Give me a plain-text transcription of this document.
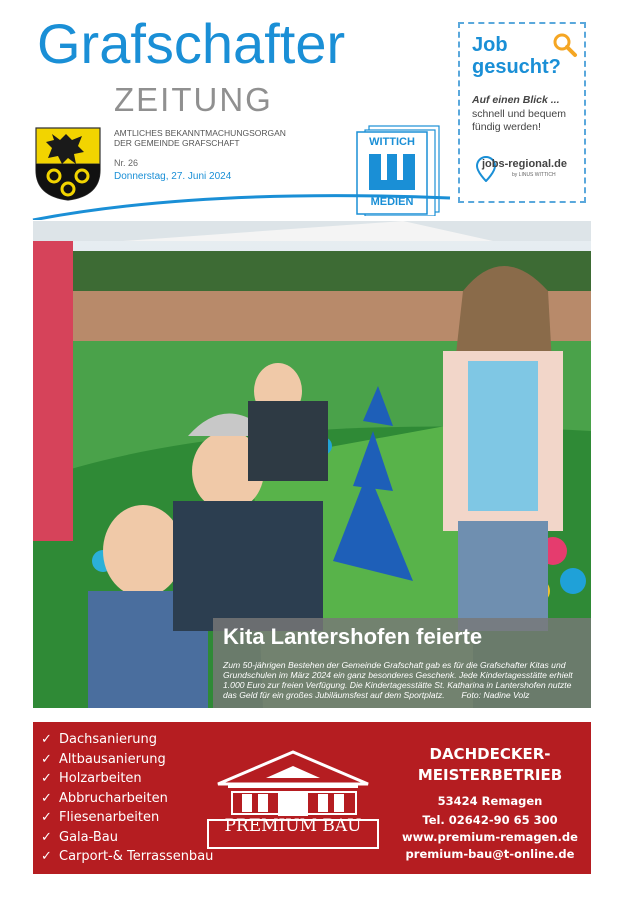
Grafschafter
ZEITUNG
AMTLICHES BEKANNTMACHUNGSORGAN
DER GEMEINDE GRAFSCHAFT
Nr. 26
Donnerstag, 27. Juni 2024
WITTICH
MEDIEN
Job gesucht?
Auf einen Blick ...
schnell und bequem fündig werden!
jobs-regional.de
by LINUS WITTICH
Kita Lantershofen feierte
Zum 50-jährigen Bestehen der Gemeinde Grafschaft gab es für die Grafschafter Kitas und Grundschulen im März 2024 ein ganz besonderes Geschenk. Jede Kindertagesstätte erhielt 1.000 Euro zur freien Verfügung. Die Kindertagesstätte St. Katharina in Lantershofen nutzte das Geld für ein großes Jubiläumsfest auf dem Sportplatz. Foto: Nadine Volz
✓ Dachsanierung
✓ Altbausanierung
✓ Holzarbeiten
✓ Abbrucharbeiten
✓ Fliesenarbeiten
✓ Gala-Bau
✓ Carport-& Terrassenbau
PREMIUM BAU
DACHDECKER-
MEISTERBETRIEB
53424 Remagen
Tel. 02642-90 65 300
www.premium-remagen.de
premium-bau@t-online.de
